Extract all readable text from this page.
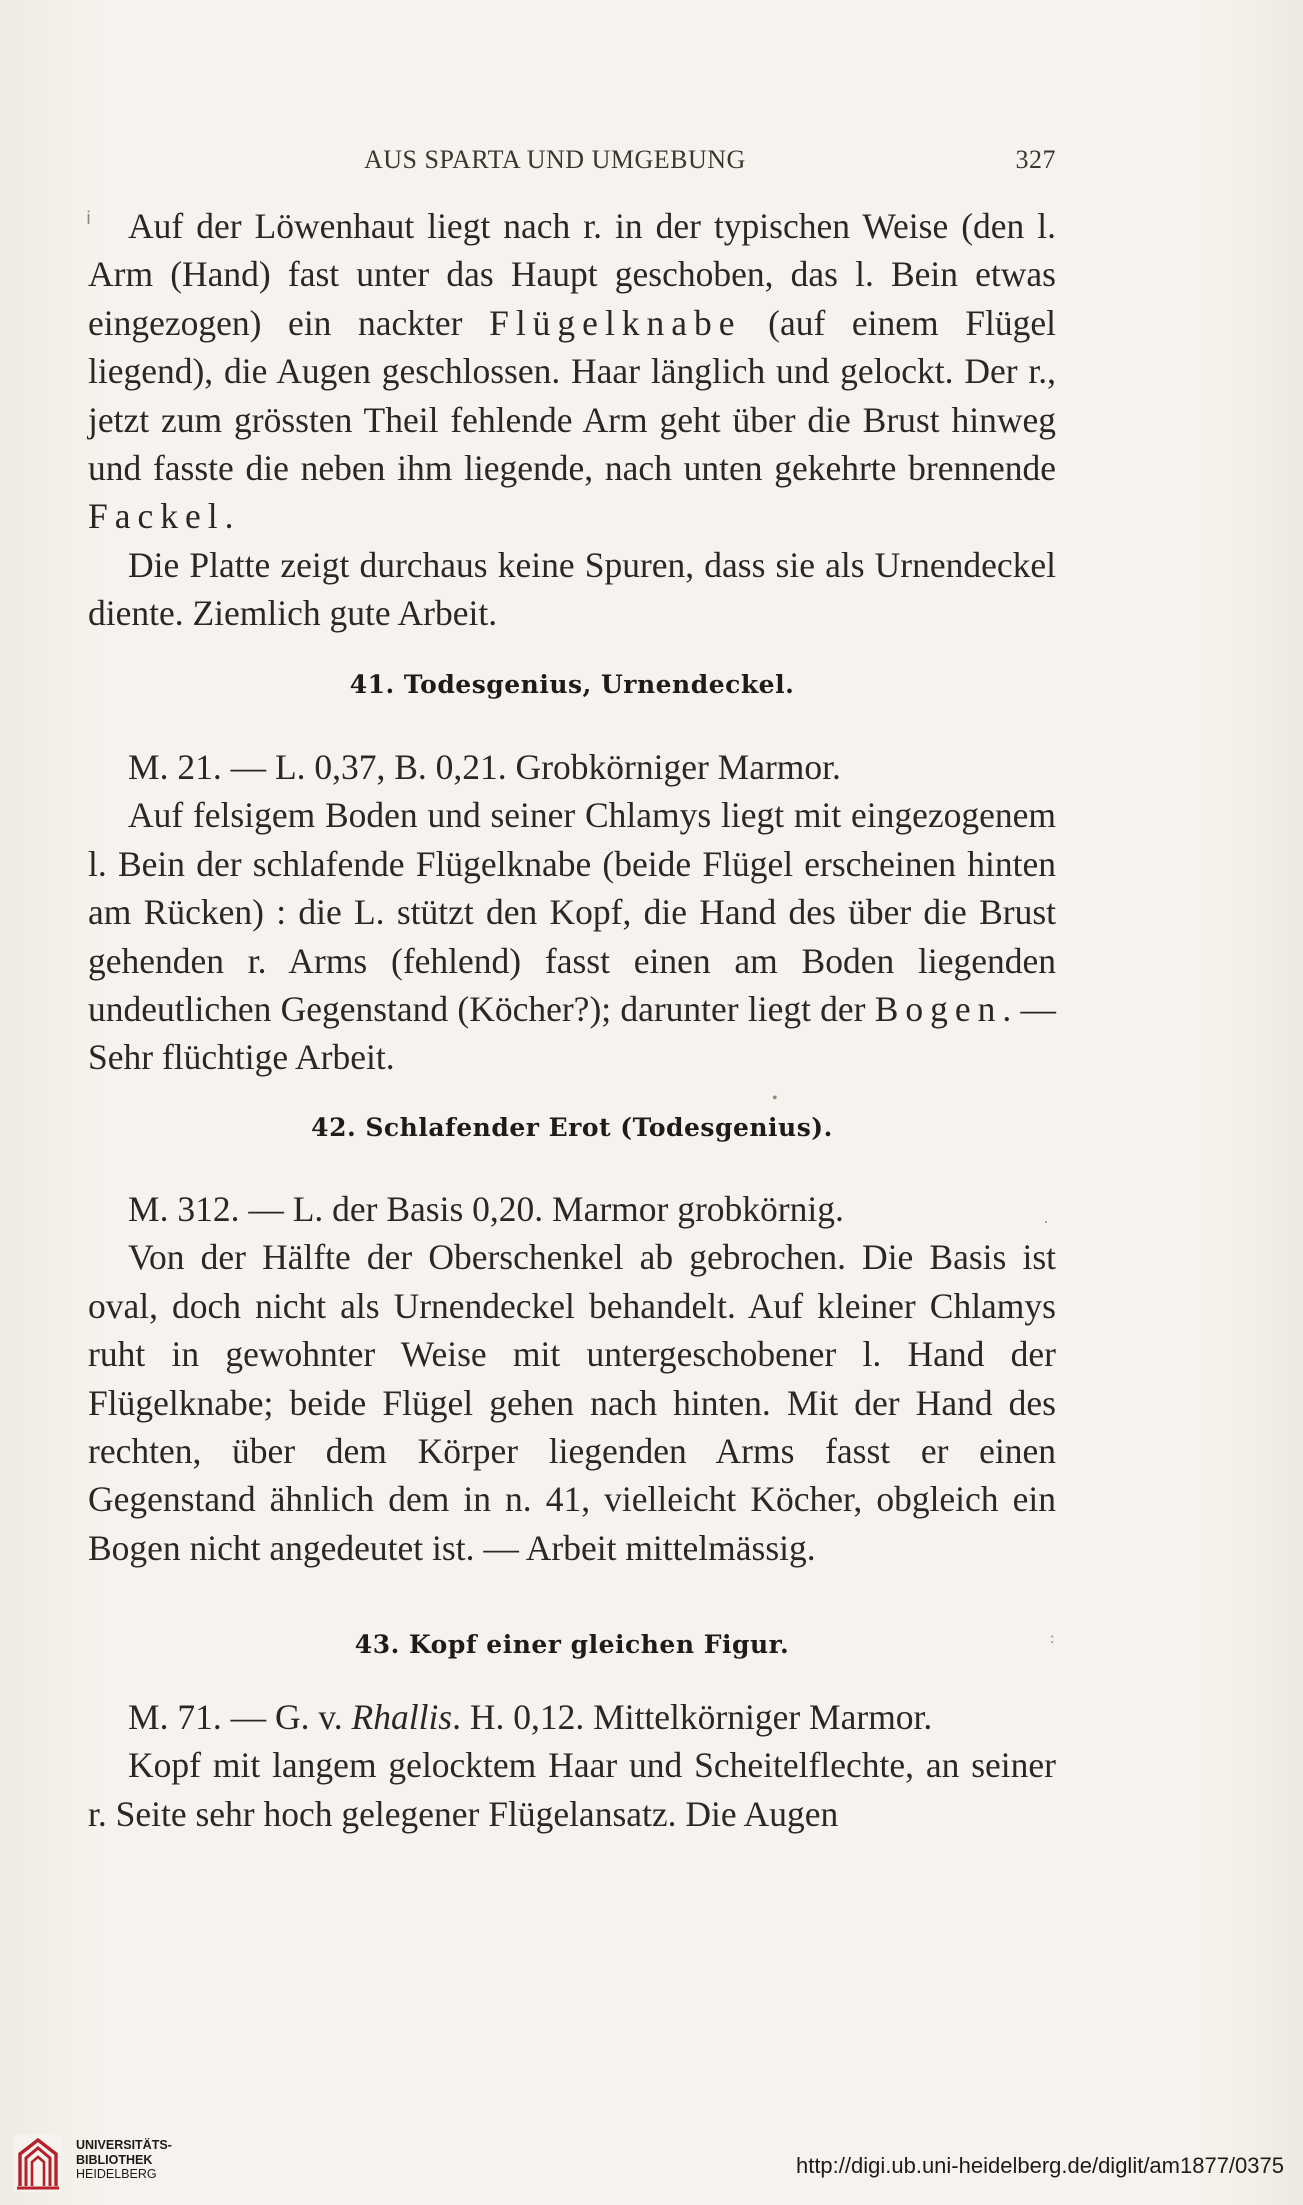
AUS SPARTA UND UMGEBUNG	327

Auf der Löwenhaut liegt nach r. in der typischen Weise (den l. Arm (Hand) fast unter das Haupt geschoben, das l. Bein etwas eingezogen) ein nackter Flügelknabe (auf einem Flügel liegend), die Augen geschlossen. Haar länglich und gelockt. Der r., jetzt zum grössten Theil fehlende Arm geht über die Brust hinweg und fasste die neben ihm liegende, nach unten gekehrte brennende Fackel.

Die Platte zeigt durchaus keine Spuren, dass sie als Urnendeckel diente. Ziemlich gute Arbeit.

41. Todesgenius, Urnendeckel.

M. 21. — L. 0,37, B. 0,21. Grobkörniger Marmor.

Auf felsigem Boden und seiner Chlamys liegt mit eingezogenem l. Bein der schlafende Flügelknabe (beide Flügel erscheinen hinten am Rücken) : die L. stützt den Kopf, die Hand des über die Brust gehenden r. Arms (fehlend) fasst einen am Boden liegenden undeutlichen Gegenstand (Köcher?); darunter liegt der Bogen. — Sehr flüchtige Arbeit.

42. Schlafender Erot (Todesgenius).

M. 312. — L. der Basis 0,20. Marmor grobkörnig.

Von der Hälfte der Oberschenkel ab gebrochen. Die Basis ist oval, doch nicht als Urnendeckel behandelt. Auf kleiner Chlamys ruht in gewohnter Weise mit untergeschobener l. Hand der Flügelknabe; beide Flügel gehen nach hinten. Mit der Hand des rechten, über dem Körper liegenden Arms fasst er einen Gegenstand ähnlich dem in n. 41, vielleicht Köcher, obgleich ein Bogen nicht angedeutet ist. — Arbeit mittelmässig.

43. Kopf einer gleichen Figur.

M. 71. — G. v. Rhallis. H. 0,12. Mittelkörniger Marmor.

Kopf mit langem gelocktem Haar und Scheitelflechte, an seiner r. Seite sehr hoch gelegener Flügelansatz. Die Augen

ⅰ
.
•
:
UNIVERSITÄTS-
BIBLIOTHEK
HEIDELBERG	http://digi.ub.uni-heidelberg.de/diglit/am1877/0375
